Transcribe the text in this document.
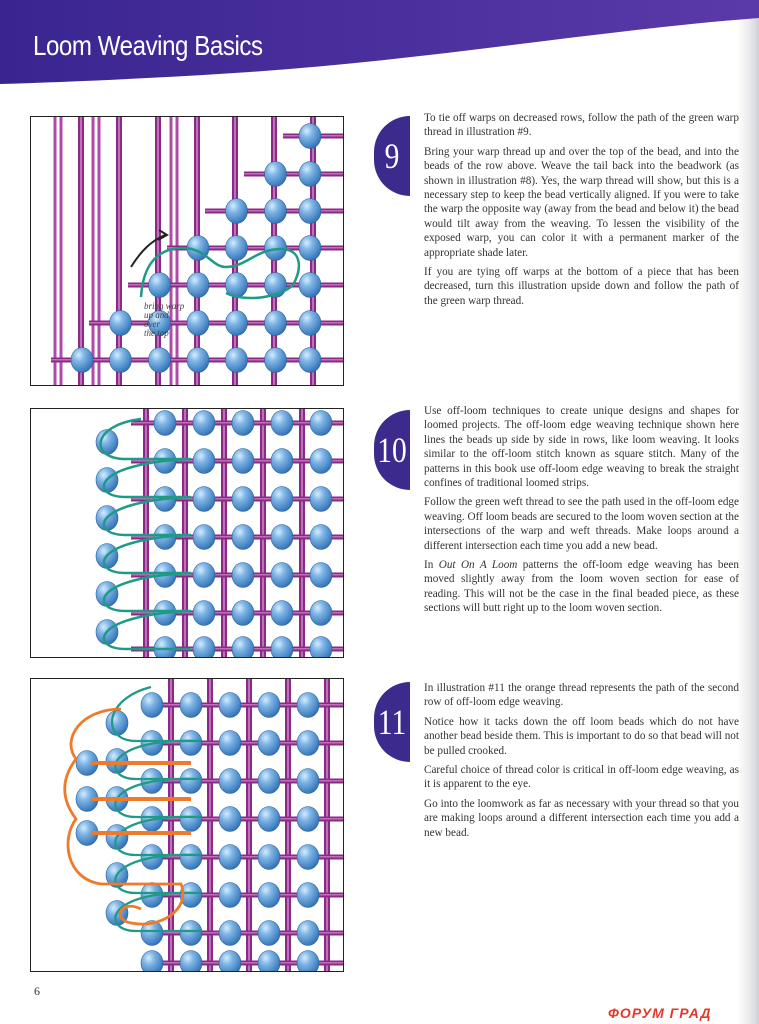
Loom Weaving Basics
bring warp
up and
over
the top
9
10
11

To tie off warps on decreased rows, follow the path of the green warp thread in illustration #9.

Bring your warp thread up and over the top of the bead, and into the beads of the row above. Weave the tail back into the beadwork (as shown in illustration #8). Yes, the warp thread will show, but this is a necessary step to keep the bead vertically aligned. If you were to take the warp the opposite way (away from the bead and below it) the bead would tilt away from the weaving. To lessen the visibility of the exposed warp, you can color it with a permanent marker of the appropriate shade later.

If you are tying off warps at the bottom of a piece that has been decreased, turn this illustration upside down and follow the path of the green warp thread.

Use off-loom techniques to create unique designs and shapes for loomed projects. The off-loom edge weaving technique shown here lines the beads up side by side in rows, like loom weaving. It looks similar to the off-loom stitch known as square stitch. Many of the patterns in this book use off-loom edge weaving to break the straight confines of traditional loomed strips.

Follow the green weft thread to see the path used in the off-loom edge weaving. Off loom beads are secured to the loom woven section at the intersections of the warp and weft threads. Make loops around a different intersection each time you add a new bead.

In Out On A Loom patterns the off-loom edge weaving has been moved slightly away from the loom woven section for ease of reading. This will not be the case in the final beaded piece, as these sections will butt right up to the loom woven section.

In illustration #11 the orange thread represents the path of the second row of off-loom edge weaving.

Notice how it tacks down the off loom beads which do not have another bead beside them. This is important to do so that bead will not be pulled crooked.

Careful choice of thread color is critical in off-loom edge weaving, as it is apparent to the eye.

Go into the loomwork as far as necessary with your thread so that you are making loops around a different intersection each time you add a new bead.

6
ФОРУМ ГРАД
